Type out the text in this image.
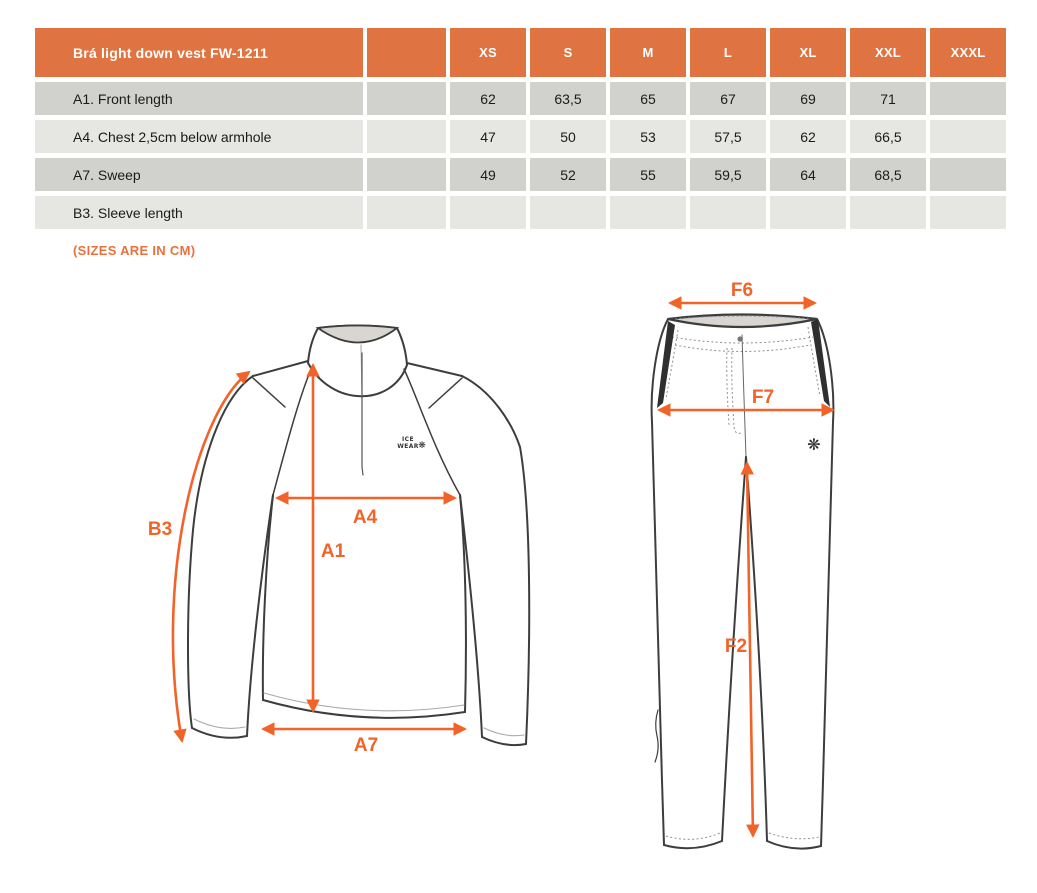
Brá light down vest FW-1211		XS	S	M	L	XL	XXL	XXXL
A1. Front length		62	63,5	65	67	69	71	
A4. Chest 2,5cm below armhole		47	50	53	57,5	62	66,5	
A7. Sweep		49	52	55	59,5	64	68,5	
B3. Sleeve length								
(SIZES ARE IN CM)
ICE
WEAR ❋
B3
A4
A1
A7
❋
F6
F7
F2
